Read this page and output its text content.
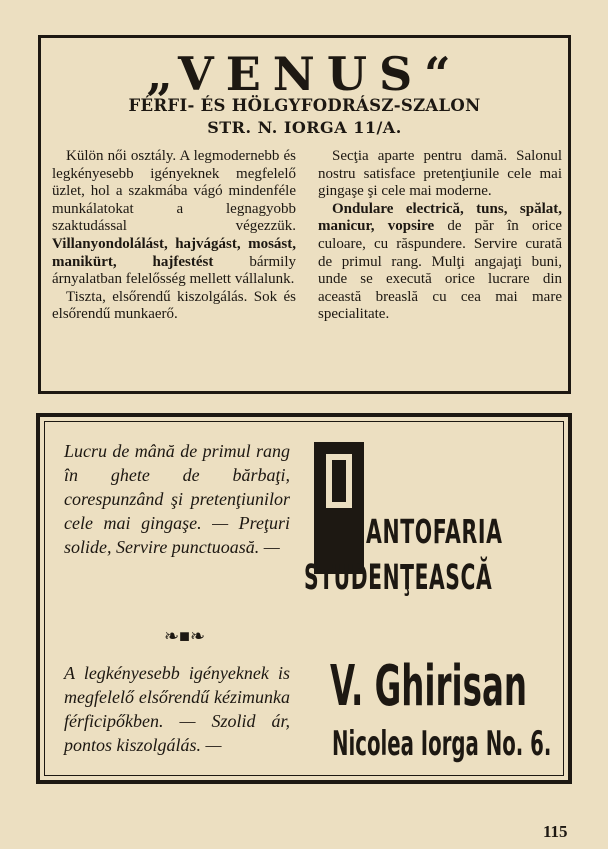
„VENUS“
FÉRFI- ÉS HÖLGYFODRÁSZ-SZALON
STR. N. IORGA 11/A.

Külön női osztály. A legmodernebb és legkényesebb igényeknek megfelelő üzlet, hol a szakmába vágó mindenféle munkálatokat a legnagyobb szaktudással végezzük. Villanyondolálást, hajvágást, mosást, manikürt, hajfestést bármily árnyalatban felelősség mellett vállalunk.

Tiszta, elsőrendű kiszolgálás. Sok és elsőrendű munkaerő.

Secţia aparte pentru damă. Salonul nostru satisface pretenţiunile cele mai gingaşe şi cele mai moderne.

Ondulare electrică, tuns, spălat, manicur, vopsire de păr în orice culoare, cu răspundere. Servire curată de primul rang. Mulţi angajaţi buni, unde se execută orice lucrare din această breaslă cu cea mai mare specialitate.

Lucru de mână de primul rang în ghete de bărbaţi, corespunzând şi pretenţiunilor cele mai gingaşe. — Preţuri solide, Servire punctuoasă. —

❧■❧

A legkényesebb igényeknek is megfelelő elsőrendű kézimunka férficipőkben. — Szolid ár, pontos kiszolgálás. —

ANTOFARIA
STUDENŢEASCĂ
V. Ghirisan
Nicolea Iorga No. 6.
115
